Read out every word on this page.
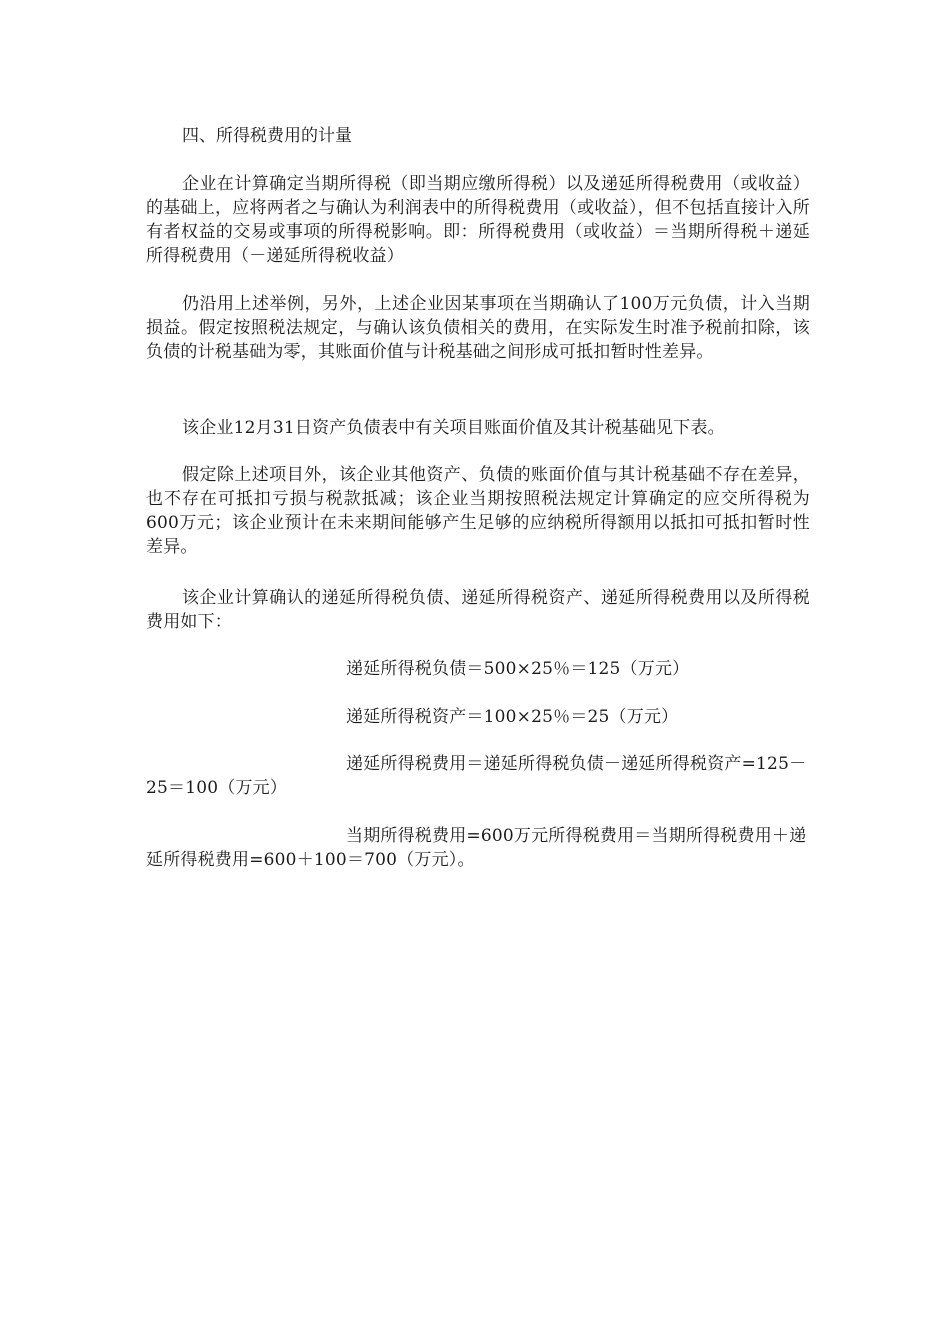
四、所得税费用的计量

企业在计算确定当期所得税（即当期应缴所得税）以及递延所得税费用（或收益）的基础上，应将两者之与确认为利润表中的所得税费用（或收益），但不包括直接计入所有者权益的交易或事项的所得税影响。即：所得税费用（或收益）＝当期所得税＋递延所得税费用（－递延所得税收益）

仍沿用上述举例，另外，上述企业因某事项在当期确认了100万元负债，计入当期损益。假定按照税法规定，与确认该负债相关的费用，在实际发生时准予税前扣除，该负债的计税基础为零，其账面价值与计税基础之间形成可抵扣暂时性差异。

该企业12月31日资产负债表中有关项目账面价值及其计税基础见下表。

假定除上述项目外，该企业其他资产、负债的账面价值与其计税基础不存在差异，也不存在可抵扣亏损与税款抵减；该企业当期按照税法规定计算确定的应交所得税为600万元；该企业预计在未来期间能够产生足够的应纳税所得额用以抵扣可抵扣暂时性差异。

该企业计算确认的递延所得税负债、递延所得税资产、递延所得税费用以及所得税费用如下：

递延所得税负债＝500×25％＝125（万元）

递延所得税资产＝100×25％＝25（万元）

递延所得税费用＝递延所得税负债－递延所得税资产=125－25＝100（万元）

当期所得税费用=600万元所得税费用＝当期所得税费用＋递延所得税费用=600＋100＝700（万元）。
